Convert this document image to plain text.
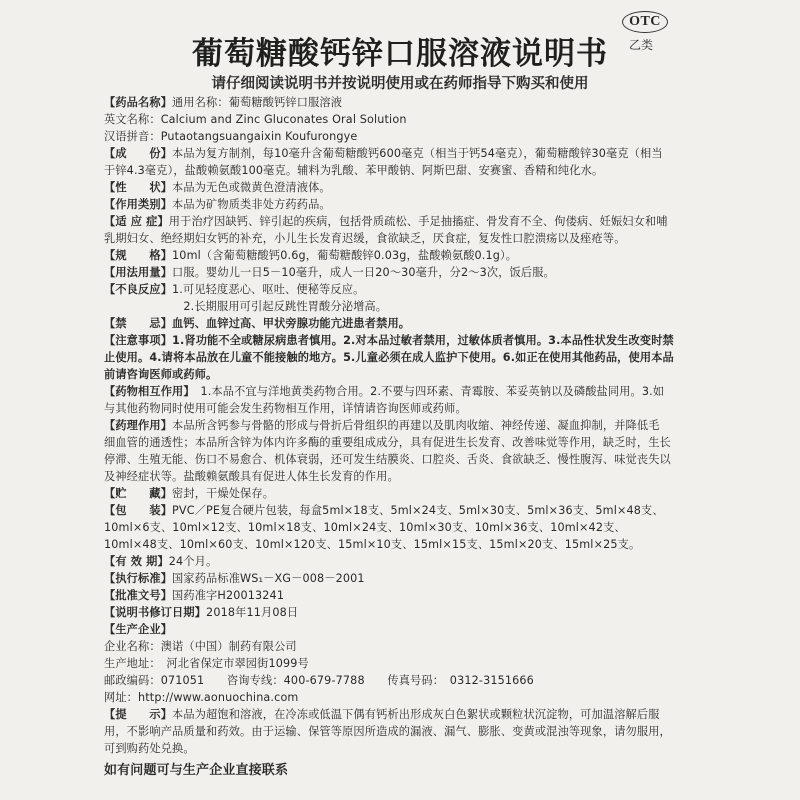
OTC
乙类
葡萄糖酸钙锌口服溶液说明书
请仔细阅读说明书并按说明使用或在药师指导下购买和使用
【药品名称】通用名称：葡萄糖酸钙锌口服溶液
英文名称：Calcium and Zinc Gluconates Oral Solution
汉语拼音：Putaotangsuangaixin Koufurongye
【成　　份】本品为复方制剂，每10毫升含葡萄糖酸钙600毫克（相当于钙54毫克），葡萄糖酸锌30毫克（相当
于锌4.3毫克），盐酸赖氨酸100毫克。辅料为乳酸、苯甲酸钠、阿斯巴甜、安赛蜜、香精和纯化水。
【性　　状】本品为无色或微黄色澄清液体。
【作用类别】本品为矿物质类非处方药药品。
【适 应 症】用于治疗因缺钙、锌引起的疾病，包括骨质疏松、手足抽搐症、骨发育不全、佝偻病、妊娠妇女和哺
乳期妇女、绝经期妇女钙的补充，小儿生长发育迟缓，食欲缺乏，厌食症，复发性口腔溃疡以及痤疮等。
【规　　格】10ml（含葡萄糖酸钙0.6g，葡萄糖酸锌0.03g，盐酸赖氨酸0.1g）。
【用法用量】口服。婴幼儿一日5－10毫升，成人一日20～30毫升，分2～3次，饭后服。
【不良反应】1.可见轻度恶心、呕吐、便秘等反应。
　　　　　　　2.长期服用可引起反跳性胃酸分泌增高。
【禁　　忌】血钙、血锌过高、甲状旁腺功能亢进患者禁用。
【注意事项】1.肾功能不全或糖尿病患者慎用。2.对本品过敏者禁用，过敏体质者慎用。3.本品性状发生改变时禁
止使用。4.请将本品放在儿童不能接触的地方。5.儿童必须在成人监护下使用。6.如正在使用其他药品，使用本品
前请咨询医师或药师。
【药物相互作用】　1.本品不宜与洋地黄类药物合用。2.不要与四环素、青霉胺、苯妥英钠以及磷酸盐同用。3.如
与其他药物同时使用可能会发生药物相互作用，详情请咨询医师或药师。
【药理作用】本品所含钙参与骨骼的形成与骨折后骨组织的再建以及肌肉收缩、神经传递、凝血抑制，并降低毛
细血管的通透性；本品所含锌为体内许多酶的重要组成成分，具有促进生长发育、改善味觉等作用，缺乏时，生长
停滞、生殖无能、伤口不易愈合、机体衰弱，还可发生结膜炎、口腔炎、舌炎、食欲缺乏、慢性腹泻、味觉丧失以
及神经症状等。盐酸赖氨酸具有促进人体生长发育的作用。
【贮　　藏】密封，干燥处保存。
【包　　装】PVC／PE复合硬片包装，每盒5ml×18支、5ml×24支、5ml×30支、5ml×36支、5ml×48支、
10ml×6支、10ml×12支、10ml×18支、10ml×24支、10ml×30支、10ml×36支、10ml×42支、
10ml×48支、10ml×60支、10ml×120支、15ml×10支、15ml×15支、15ml×20支、15ml×25支。
【有 效 期】24个月。
【执行标准】国家药品标准WS₁－XG－008－2001
【批准文号】国药准字H20013241
【说明书修订日期】2018年11月08日
【生产企业】
企业名称：澳诺（中国）制药有限公司
生产地址：　河北省保定市翠园街1099号
邮政编码：071051　　咨询专线：400-679-7788　　传真号码：　0312-3151666
网址：http://www.aonuochina.com
【提　　示】本品为超饱和溶液，在冷冻或低温下偶有钙析出形成灰白色絮状或颗粒状沉淀物，可加温溶解后服
用，不影响产品质量和药效。由于运输、保管等原因所造成的漏液、漏气、膨胀、变黄或混浊等现象，请勿服用，
可到购药处兑换。
如有问题可与生产企业直接联系
